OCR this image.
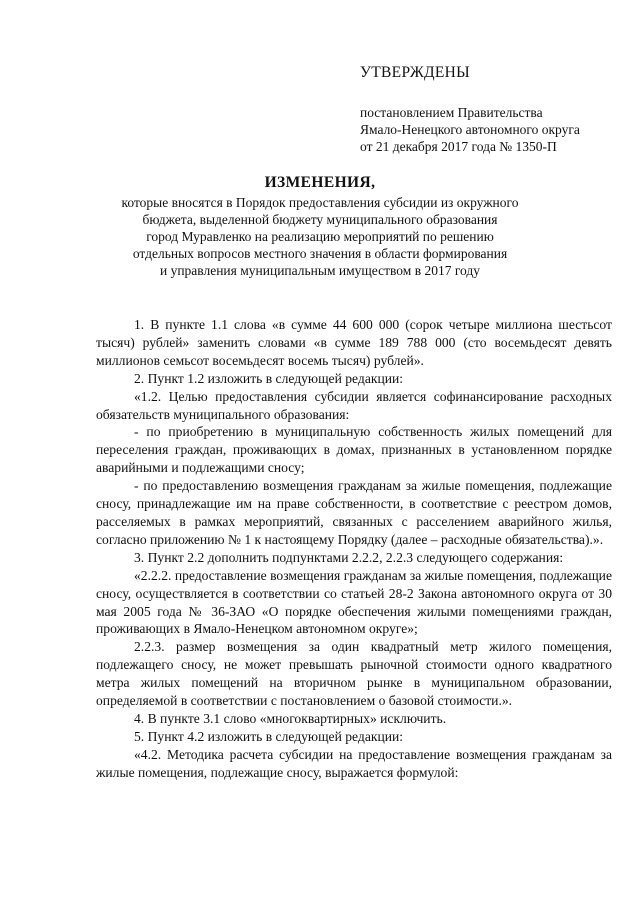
УТВЕРЖДЕНЫ
постановлением Правительства
Ямало-Ненецкого автономного округа
от 21 декабря 2017 года № 1350-П
ИЗМЕНЕНИЯ,
которые вносятся в Порядок предоставления субсидии из окружного
бюджета, выделенной бюджету муниципального образования
город Муравленко на реализацию мероприятий по решению
отдельных вопросов местного значения в области формирования
и управления муниципальным имуществом в 2017 году

1. В пункте 1.1 слова «в сумме 44 600 000 (сорок четыре миллиона шестьсот тысяч) рублей» заменить словами «в сумме 189 788 000 (сто восемьдесят девять миллионов семьсот восемьдесят восемь тысяч) рублей».

2. Пункт 1.2 изложить в следующей редакции:

«1.2. Целью предоставления субсидии является софинансирование расходных обязательств муниципального образования:

- по приобретению в муниципальную собственность жилых помещений для переселения граждан, проживающих в домах, признанных в установленном порядке аварийными и подлежащими сносу;

- по предоставлению возмещения гражданам за жилые помещения, подлежащие сносу, принадлежащие им на праве собственности, в соответствие с реестром домов, расселяемых в рамках мероприятий, связанных с расселением аварийного жилья, согласно приложению № 1 к настоящему Порядку (далее – расходные обязательства).».

3. Пункт 2.2 дополнить подпунктами 2.2.2, 2.2.3 следующего содержания:

«2.2.2. предоставление возмещения гражданам за жилые помещения, подлежащие сносу, осуществляется в соответствии со статьей 28-2 Закона автономного округа от 30 мая 2005 года № 36-ЗАО «О порядке обеспечения жилыми помещениями граждан, проживающих в Ямало-Ненецком автономном округе»;

2.2.3. размер возмещения за один квадратный метр жилого помещения, подлежащего сносу, не может превышать рыночной стоимости одного квадратного метра жилых помещений на вторичном рынке в муниципальном образовании, определяемой в соответствии с постановлением о базовой стоимости.».

4. В пункте 3.1 слово «многоквартирных» исключить.

5. Пункт 4.2 изложить в следующей редакции:

«4.2. Методика расчета субсидии на предоставление возмещения гражданам за жилые помещения, подлежащие сносу, выражается формулой:
